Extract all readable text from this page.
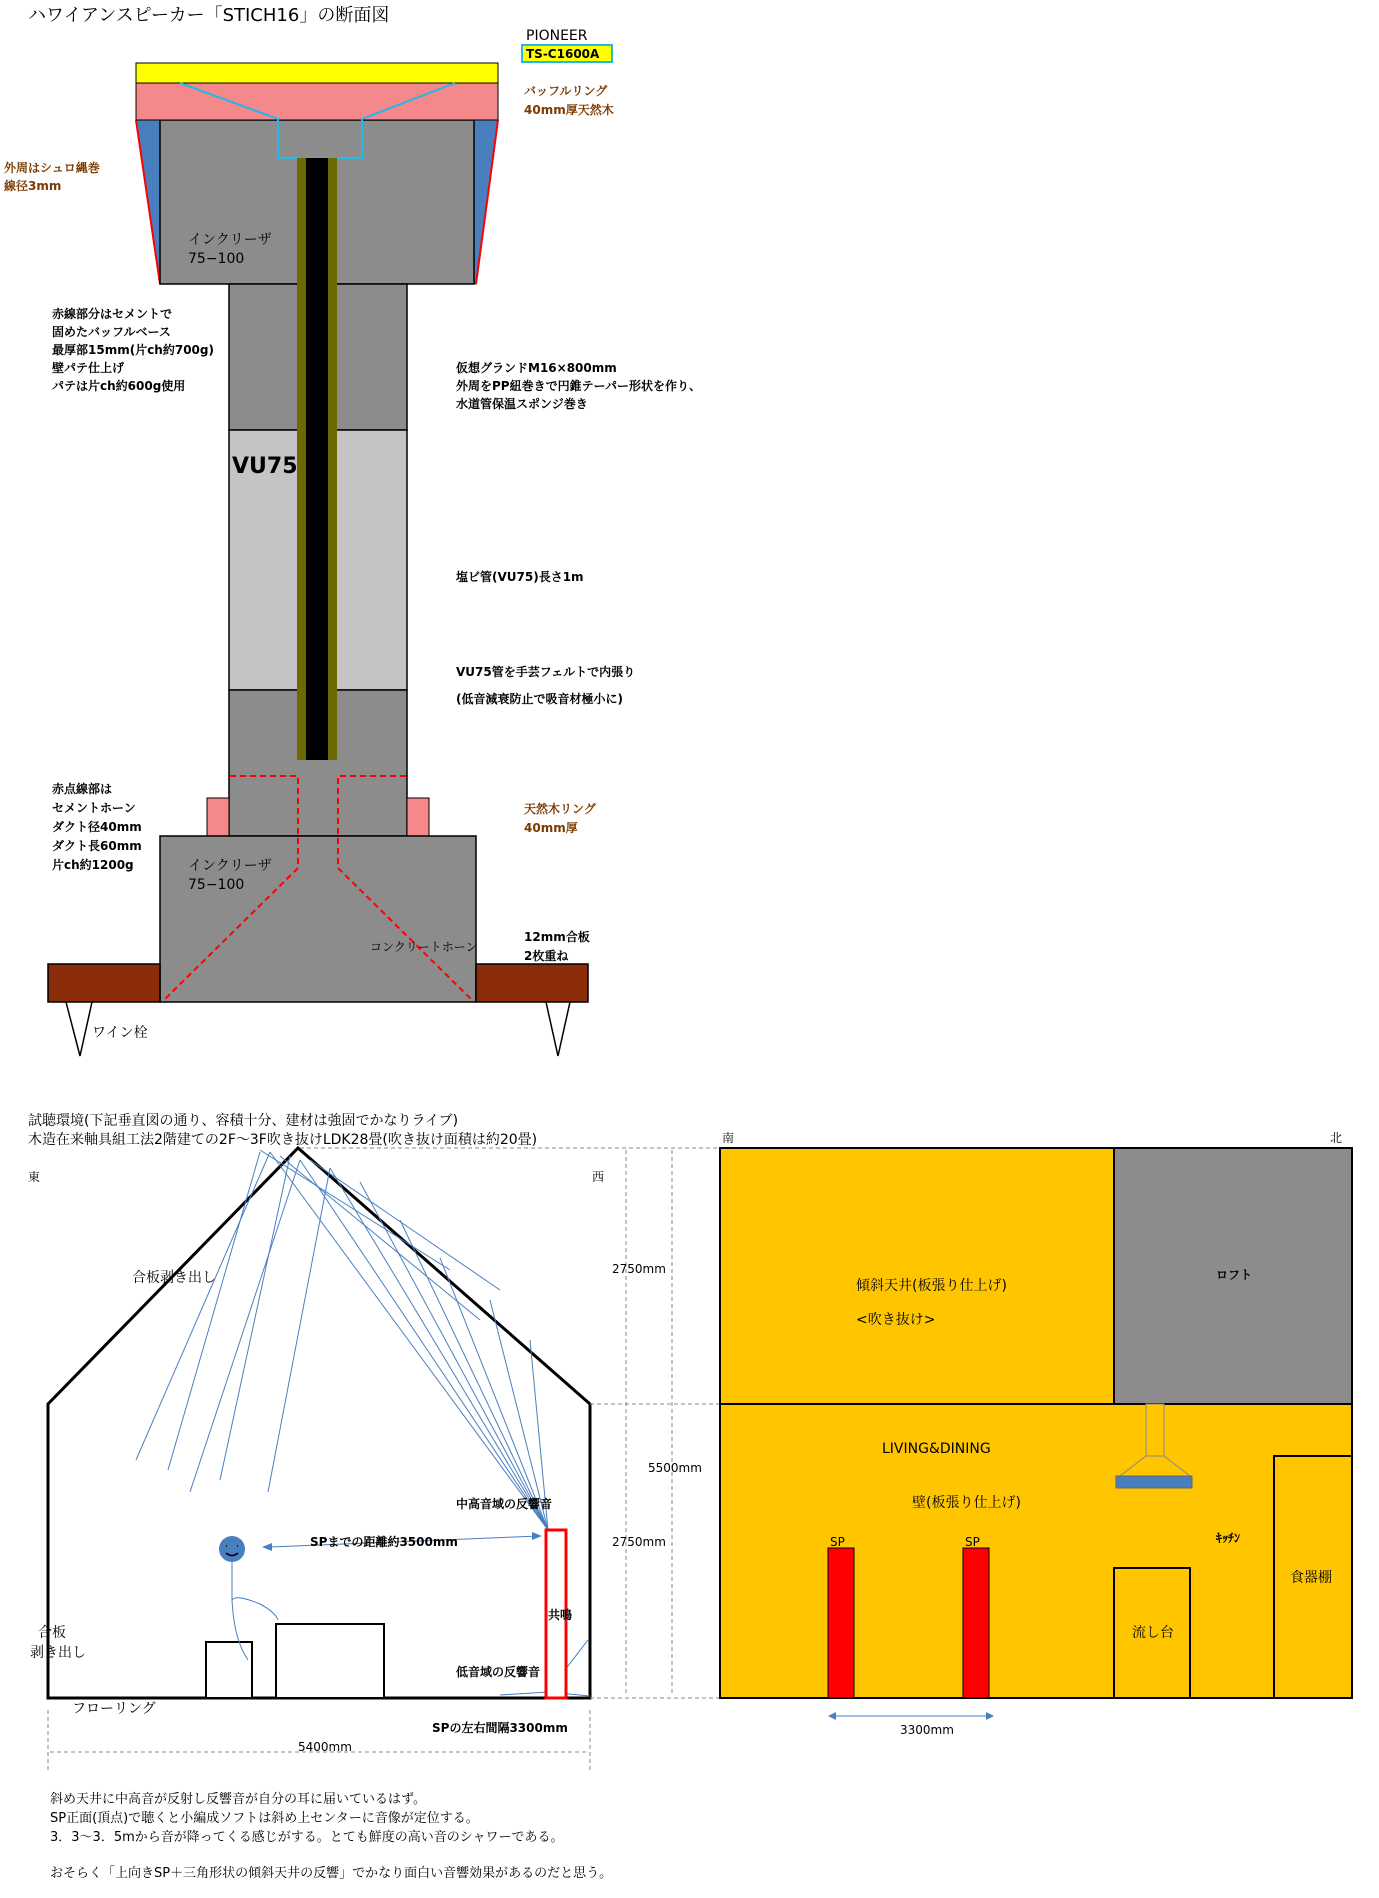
ハワイアンスピーカー「STICH16」の断面図
PIONEER
TS-C1600A
バッフルリング
40mm厚天然木
外周はシュロ縄巻
線径3mm
インクリーザ
75−100
赤線部分はセメントで
固めたバッフルベース
最厚部15mm(片ch約700g)
壁パテ仕上げ
パテは片ch約600g使用
仮想グランドM16×800mm
外周をPP紐巻きで円錐テーパー形状を作り、
水道管保温スポンジ巻き
VU75
塩ビ管(VU75)長さ1m
VU75管を手芸フェルトで内張り
(低音減衰防止で吸音材極小に)
赤点線部は
セメントホーン
ダクト径40mm
ダクト長60mm
片ch約1200g
天然木リング
40mm厚
インクリーザ
75−100
コンクリートホーン
12mm合板
2枚重ね
ワイン栓
試聴環境(下記垂直図の通り、容積十分、建材は強固でかなりライブ)
木造在来軸具組工法2階建ての2F〜3F吹き抜けLDK28畳(吹き抜け面積は約20畳)
東	西
合板剥き出し
合板
剥き出し
中高音域の反響音
SPまでの距離約3500mm
共鳴
低音域の反響音
フローリング
SPの左右間隔3300mm
5400mm
2750mm
2750mm
5500mm
南	北
傾斜天井(板張り仕上げ)
<吹き抜け>
ロフト
LIVING&DINING
壁(板張り仕上げ)
SP	SP	ｷｯﾁﾝ
食器棚
流し台
3300mm
斜め天井に中高音が反射し反響音が自分の耳に届いているはず。
SP正面(頂点)で聴くと小編成ソフトは斜め上センターに音像が定位する。
3．3〜3．5mから音が降ってくる感じがする。とても鮮度の高い音のシャワーである。
おそらく「上向きSP＋三角形状の傾斜天井の反響」でかなり面白い音響効果があるのだと思う。
